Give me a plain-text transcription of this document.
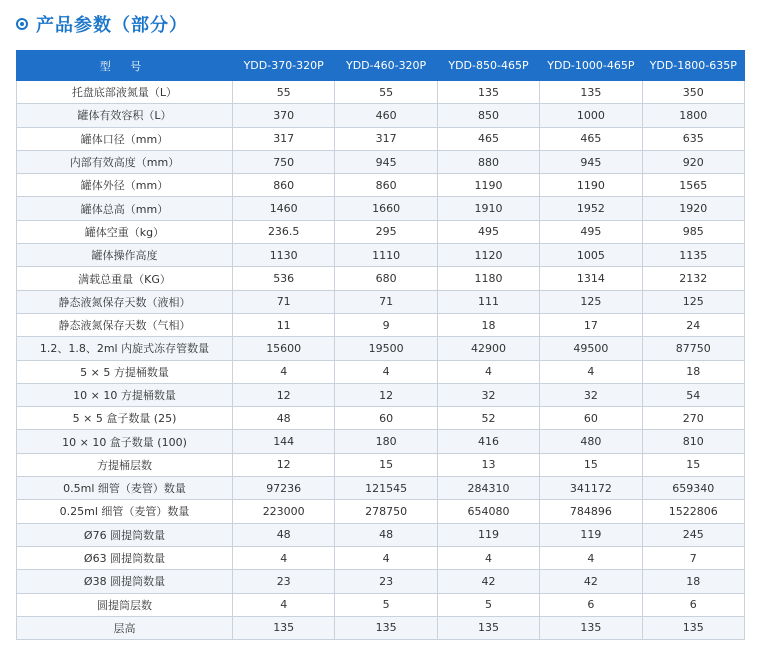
产品参数（部分）
型 号	YDD-370-320P	YDD-460-320P	YDD-850-465P	YDD-1000-465P	YDD-1800-635P
托盘底部液氮量（L）	55	55	135	135	350
罐体有效容积（L）	370	460	850	1000	1800
罐体口径（mm）	317	317	465	465	635
内部有效高度（mm）	750	945	880	945	920
罐体外径（mm）	860	860	1190	1190	1565
罐体总高（mm）	1460	1660	1910	1952	1920
罐体空重（kg）	236.5	295	495	495	985
罐体操作高度	1130	1110	1120	1005	1135
满载总重量（KG）	536	680	1180	1314	2132
静态液氮保存天数（液相）	71	71	111	125	125
静态液氮保存天数（气相）	11	9	18	17	24
1.2、1.8、2ml 内旋式冻存管数量	15600	19500	42900	49500	87750
5 × 5 方提桶数量	4	4	4	4	18
10 × 10 方提桶数量	12	12	32	32	54
5 × 5 盒子数量 (25)	48	60	52	60	270
10 × 10 盒子数量 (100)	144	180	416	480	810
方提桶层数	12	15	13	15	15
0.5ml 细管（麦管）数量	97236	121545	284310	341172	659340
0.25ml 细管（麦管）数量	223000	278750	654080	784896	1522806
Ø76 圆提筒数量	48	48	119	119	245
Ø63 圆提筒数量	4	4	4	4	7
Ø38 圆提筒数量	23	23	42	42	18
圆提筒层数	4	5	5	6	6
层高	135	135	135	135	135
